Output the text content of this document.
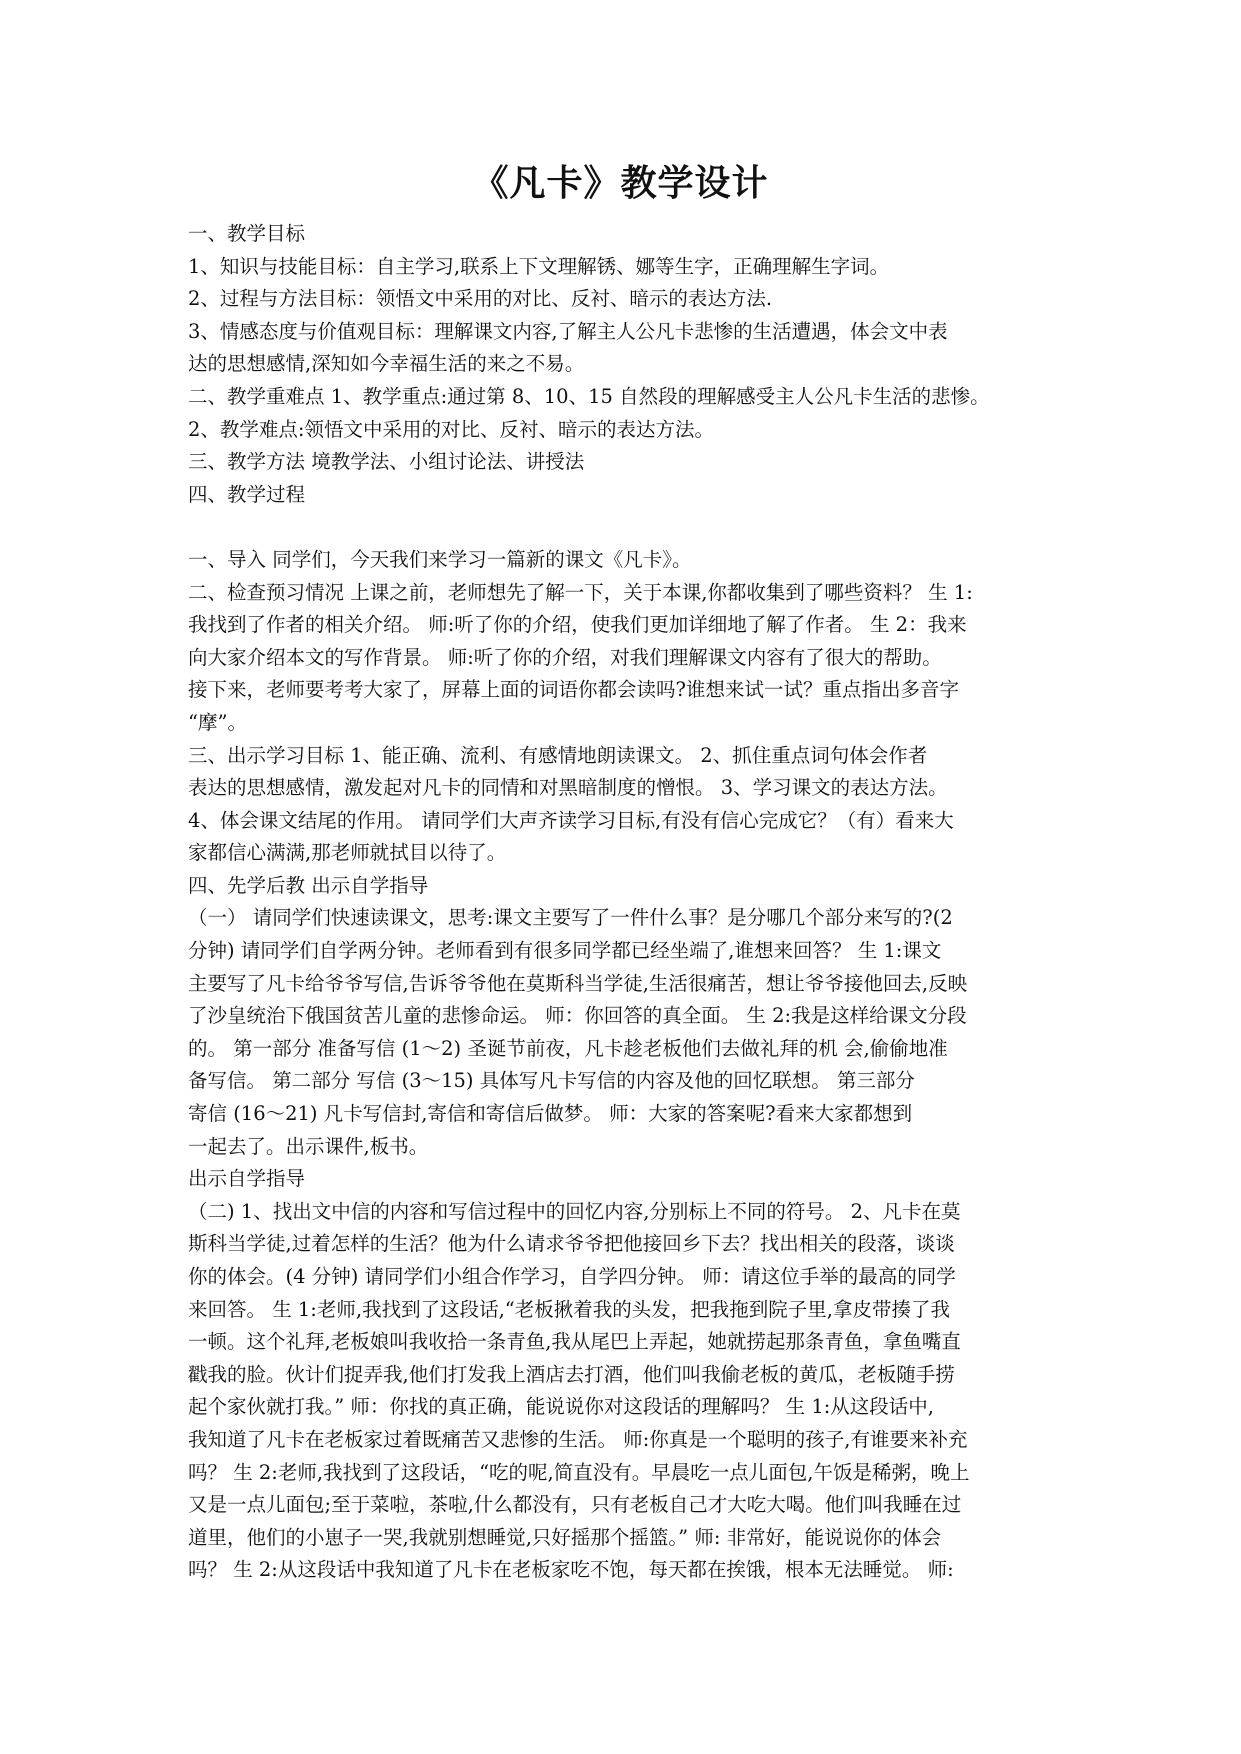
《凡卡》教学设计
一、教学目标
1、知识与技能目标：自主学习,联系上下文理解锈、娜等生字，正确理解生字词。
2、过程与方法目标：领悟文中采用的对比、反衬、暗示的表达方法.
3、情感态度与价值观目标：理解课文内容,了解主人公凡卡悲惨的生活遭遇，体会文中表
达的思想感情,深知如今幸福生活的来之不易。
二、教学重难点 1、教学重点:通过第 8、10、15 自然段的理解感受主人公凡卡生活的悲惨。
2、教学难点:领悟文中采用的对比、反衬、暗示的表达方法。
三、教学方法 境教学法、小组讨论法、讲授法
四、教学过程
一、导入 同学们，今天我们来学习一篇新的课文《凡卡》。
二、检查预习情况 上课之前，老师想先了解一下，关于本课,你都收集到了哪些资料？ 生 1:
我找到了作者的相关介绍。 师:听了你的介绍，使我们更加详细地了解了作者。 生 2：我来
向大家介绍本文的写作背景。 师:听了你的介绍，对我们理解课文内容有了很大的帮助。
接下来，老师要考考大家了，屏幕上面的词语你都会读吗?谁想来试一试？重点指出多音字
“摩”。
三、出示学习目标 1、能正确、流利、有感情地朗读课文。 2、抓住重点词句体会作者
表达的思想感情，激发起对凡卡的同情和对黑暗制度的憎恨。 3、学习课文的表达方法。
4、体会课文结尾的作用。 请同学们大声齐读学习目标,有没有信心完成它？（有）看来大
家都信心满满,那老师就拭目以待了。
四、先学后教 出示自学指导
（一） 请同学们快速读课文，思考:课文主要写了一件什么事？是分哪几个部分来写的?(2
分钟) 请同学们自学两分钟。老师看到有很多同学都已经坐端了,谁想来回答？ 生 1:课文
主要写了凡卡给爷爷写信,告诉爷爷他在莫斯科当学徒,生活很痛苦，想让爷爷接他回去,反映
了沙皇统治下俄国贫苦儿童的悲惨命运。 师：你回答的真全面。 生 2:我是这样给课文分段
的。 第一部分 准备写信 (1～2) 圣诞节前夜，凡卡趁老板他们去做礼拜的机 会,偷偷地准
备写信。 第二部分 写信 (3～15) 具体写凡卡写信的内容及他的回忆联想。 第三部分
寄信 (16～21) 凡卡写信封,寄信和寄信后做梦。 师：大家的答案呢?看来大家都想到
一起去了。出示课件,板书。
出示自学指导
（二) 1、找出文中信的内容和写信过程中的回忆内容,分别标上不同的符号。 2、凡卡在莫
斯科当学徒,过着怎样的生活？他为什么请求爷爷把他接回乡下去？找出相关的段落，谈谈
你的体会。(4 分钟) 请同学们小组合作学习，自学四分钟。 师：请这位手举的最高的同学
来回答。 生 1:老师,我找到了这段话,“老板揪着我的头发，把我拖到院子里,拿皮带揍了我
一顿。这个礼拜,老板娘叫我收拾一条青鱼,我从尾巴上弄起，她就捞起那条青鱼，拿鱼嘴直
戳我的脸。伙计们捉弄我,他们打发我上酒店去打酒，他们叫我偷老板的黄瓜，老板随手捞
起个家伙就打我。” 师：你找的真正确，能说说你对这段话的理解吗？ 生 1:从这段话中,
我知道了凡卡在老板家过着既痛苦又悲惨的生活。 师:你真是一个聪明的孩子,有谁要来补充
吗？ 生 2:老师,我找到了这段话，“吃的呢,简直没有。早晨吃一点儿面包,午饭是稀粥，晚上
又是一点儿面包;至于菜啦，茶啦,什么都没有，只有老板自己才大吃大喝。他们叫我睡在过
道里，他们的小崽子一哭,我就别想睡觉,只好摇那个摇篮。” 师: 非常好，能说说你的体会
吗？ 生 2:从这段话中我知道了凡卡在老板家吃不饱，每天都在挨饿，根本无法睡觉。 师:
